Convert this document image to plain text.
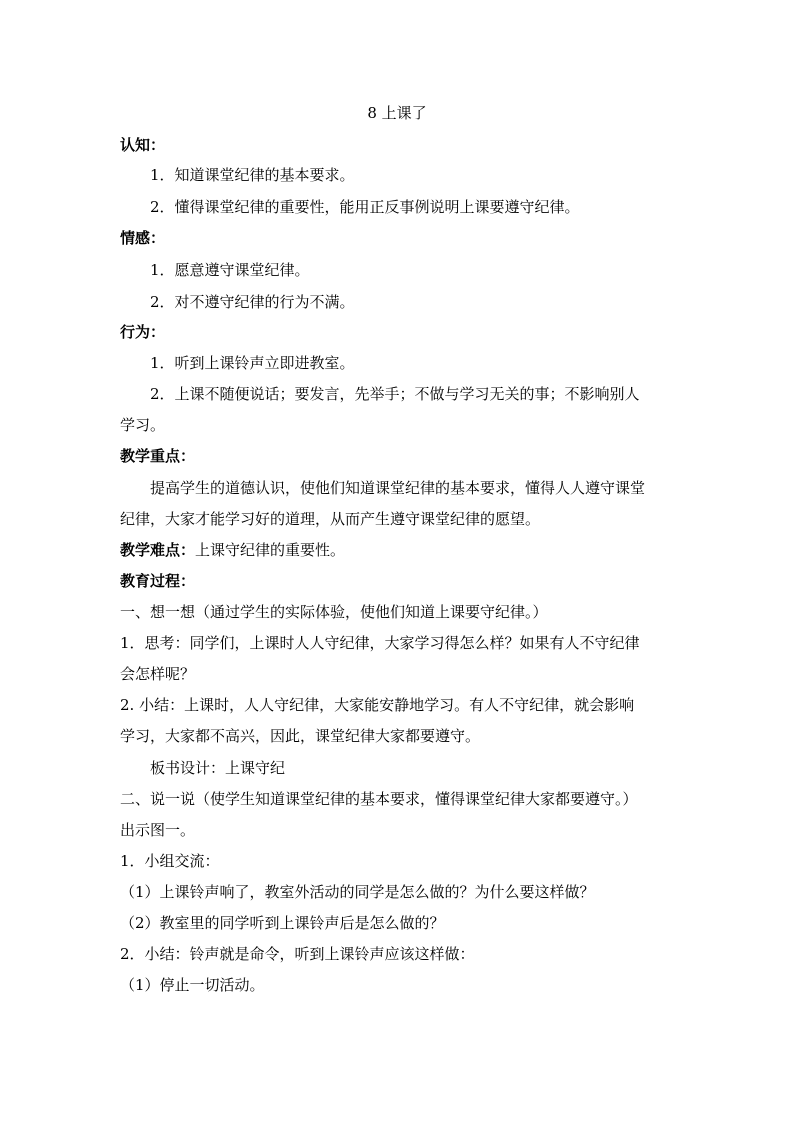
8 上课了
认知：
1．知道课堂纪律的基本要求。
2．懂得课堂纪律的重要性，能用正反事例说明上课要遵守纪律。
情感：
1．愿意遵守课堂纪律。
2．对不遵守纪律的行为不满。
行为：
1．听到上课铃声立即进教室。
2．上课不随便说话；要发言，先举手；不做与学习无关的事；不影响别人
学习。
教学重点：
提高学生的道德认识，使他们知道课堂纪律的基本要求，懂得人人遵守课堂
纪律，大家才能学习好的道理，从而产生遵守课堂纪律的愿望。
教学难点：上课守纪律的重要性。
教育过程：
一、想一想（通过学生的实际体验，使他们知道上课要守纪律。）
1．思考：同学们，上课时人人守纪律，大家学习得怎么样？如果有人不守纪律
会怎样呢？
2. 小结：上课时，人人守纪律，大家能安静地学习。有人不守纪律，就会影响
学习，大家都不高兴，因此，课堂纪律大家都要遵守。
板书设计：上课守纪
二、说一说（使学生知道课堂纪律的基本要求，懂得课堂纪律大家都要遵守。）
出示图一。
1．小组交流：
（1）上课铃声响了，教室外活动的同学是怎么做的？为什么要这样做？
（2）教室里的同学听到上课铃声后是怎么做的？
2．小结：铃声就是命令，听到上课铃声应该这样做：
（1）停止一切活动。
